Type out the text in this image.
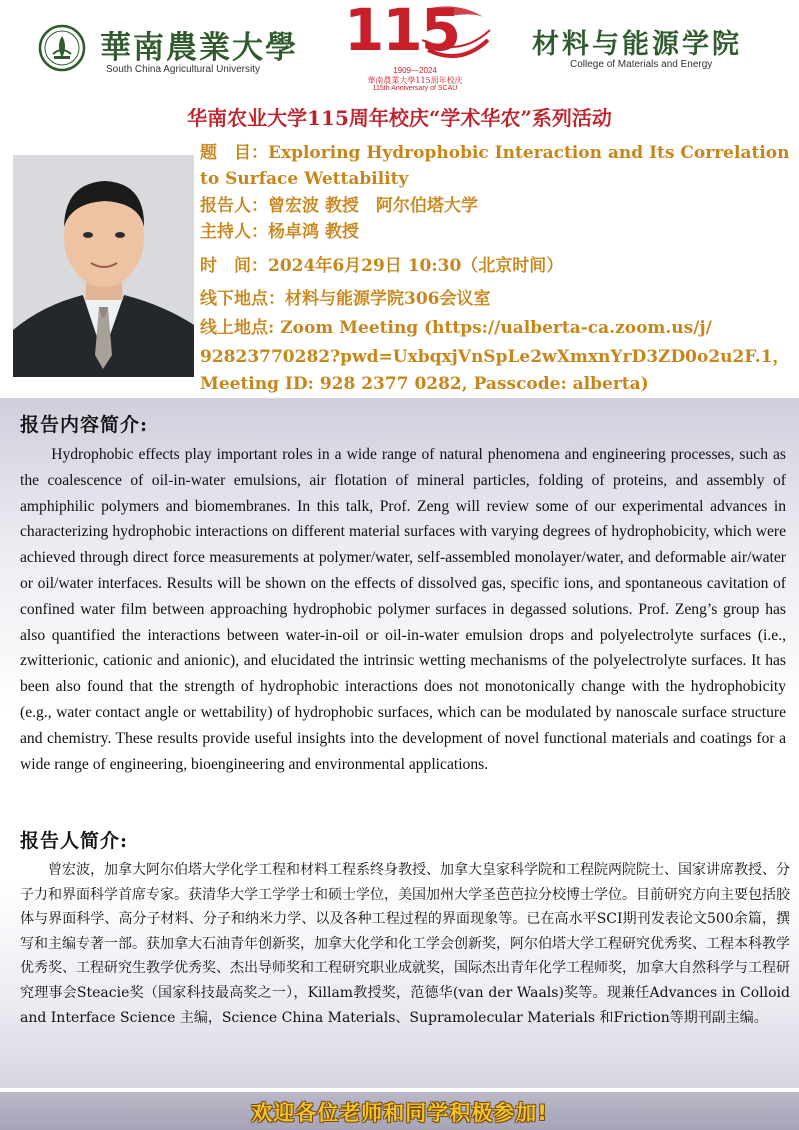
華南農業大學
South China Agricultural University
115
1909—2024
華南農業大學115周年校庆
115th Anniversary of SCAU
材料与能源学院
College of Materials and Energy
华南农业大学115周年校庆“学术华农”系列活动
题　目：Exploring Hydrophobic Interaction and Its Correlation
to Surface Wettability
报告人：曾宏波 教授　阿尔伯塔大学
主持人：杨卓鸿 教授
时　间：2024年6月29日 10:30（北京时间）
线下地点：材料与能源学院306会议室
线上地点: Zoom Meeting (https://ualberta-ca.zoom.us/j/
92823770282?pwd=UxbqxjVnSpLe2wXmxnYrD3ZD0o2u2F.1，
Meeting ID: 928 2377 0282, Passcode: alberta)
报告内容简介:
Hydrophobic effects play important roles in a wide range of natural phenomena and engineering processes, such as the coalescence of oil-in-water emulsions, air flotation of mineral particles, folding of proteins, and assembly of amphiphilic polymers and biomembranes. In this talk, Prof. Zeng will review some of our experimental advances in characterizing hydrophobic interactions on different material surfaces with varying degrees of hydrophobicity, which were achieved through direct force measurements at polymer/water, self-assembled monolayer/water, and deformable air/water or oil/water interfaces. Results will be shown on the effects of dissolved gas, specific ions, and spontaneous cavitation of confined water film between approaching hydrophobic polymer surfaces in degassed solutions. Prof. Zeng’s group has also quantified the interactions between water-in-oil or oil-in-water emulsion drops and polyelectrolyte surfaces (i.e., zwitterionic, cationic and anionic), and elucidated the intrinsic wetting mechanisms of the polyelectrolyte surfaces. It has been also found that the strength of hydrophobic interactions does not monotonically change with the hydrophobicity (e.g., water contact angle or wettability) of hydrophobic surfaces, which can be modulated by nanoscale surface structure and chemistry. These results provide useful insights into the development of novel functional materials and coatings for a wide range of engineering, bioengineering and environmental applications.
报告人简介:
曾宏波，加拿大阿尔伯塔大学化学工程和材料工程系终身教授、加拿大皇家科学院和工程院两院院士、国家讲席教授、分子力和界面科学首席专家。获清华大学工学学士和硕士学位，美国加州大学圣芭芭拉分校博士学位。目前研究方向主要包括胶体与界面科学、高分子材料、分子和纳米力学、以及各种工程过程的界面现象等。已在高水平SCI期刊发表论文500余篇，撰写和主编专著一部。获加拿大石油青年创新奖，加拿大化学和化工学会创新奖，阿尔伯塔大学工程研究优秀奖、工程本科教学优秀奖、工程研究生教学优秀奖、杰出导师奖和工程研究职业成就奖，国际杰出青年化学工程师奖，加拿大自然科学与工程研究理事会Steacie奖（国家科技最高奖之一），Killam教授奖，范德华(van der Waals)奖等。现兼任Advances in Colloid and Interface Science 主编，Science China Materials、Supramolecular Materials 和Friction等期刊副主编。
欢迎各位老师和同学积极参加!
